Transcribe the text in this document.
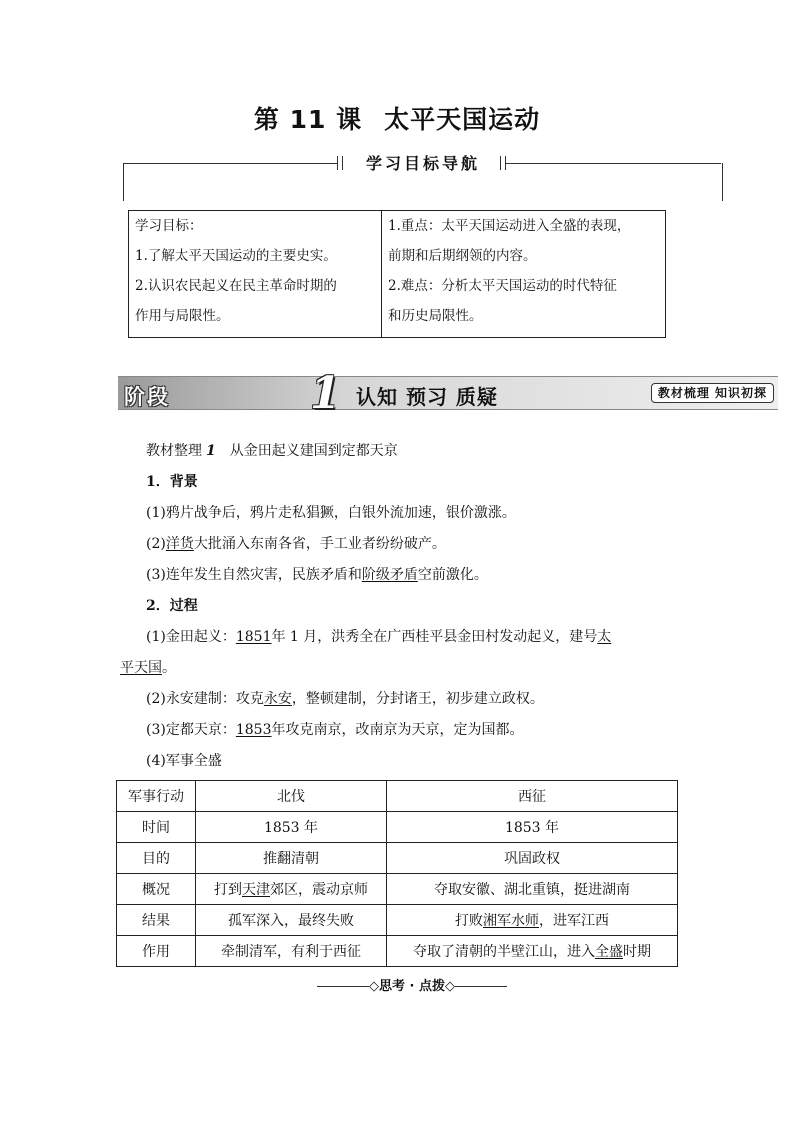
第 11 课 太平天国运动
学习目标导航
学习目标：
1.了解太平天国运动的主要史实。
2.认识农民起义在民主革命时期的
作用与局限性。
1.重点：太平天国运动进入全盛的表现，
前期和后期纲领的内容。
2.难点：分析太平天国运动的时代特征
和历史局限性。
阶段	1 认知 预习 质疑	教材梳理 知识初探
教材整理 1 从金田起义建国到定都天京
1．背景
(1)鸦片战争后，鸦片走私猖獗，白银外流加速，银价激涨。
(2)洋货大批涌入东南各省，手工业者纷纷破产。
(3)连年发生自然灾害，民族矛盾和阶级矛盾空前激化。
2．过程
(1)金田起义：1851年 1 月，洪秀全在广西桂平县金田村发动起义，建号太
平天国。
(2)永安建制：攻克永安，整顿建制，分封诸王，初步建立政权。
(3)定都天京：1853年攻克南京，改南京为天京，定为国都。
(4)军事全盛
军事行动	北伐	西征
时间	1853 年	1853 年
目的	推翻清朝	巩固政权
概况	打到天津郊区，震动京师	夺取安徽、湖北重镇，挺进湖南
结果	孤军深入，最终失败	打败湘军水师，进军江西
作用	牵制清军，有利于西征	夺取了清朝的半壁江山，进入全盛时期
◇思考 · 点拨◇
